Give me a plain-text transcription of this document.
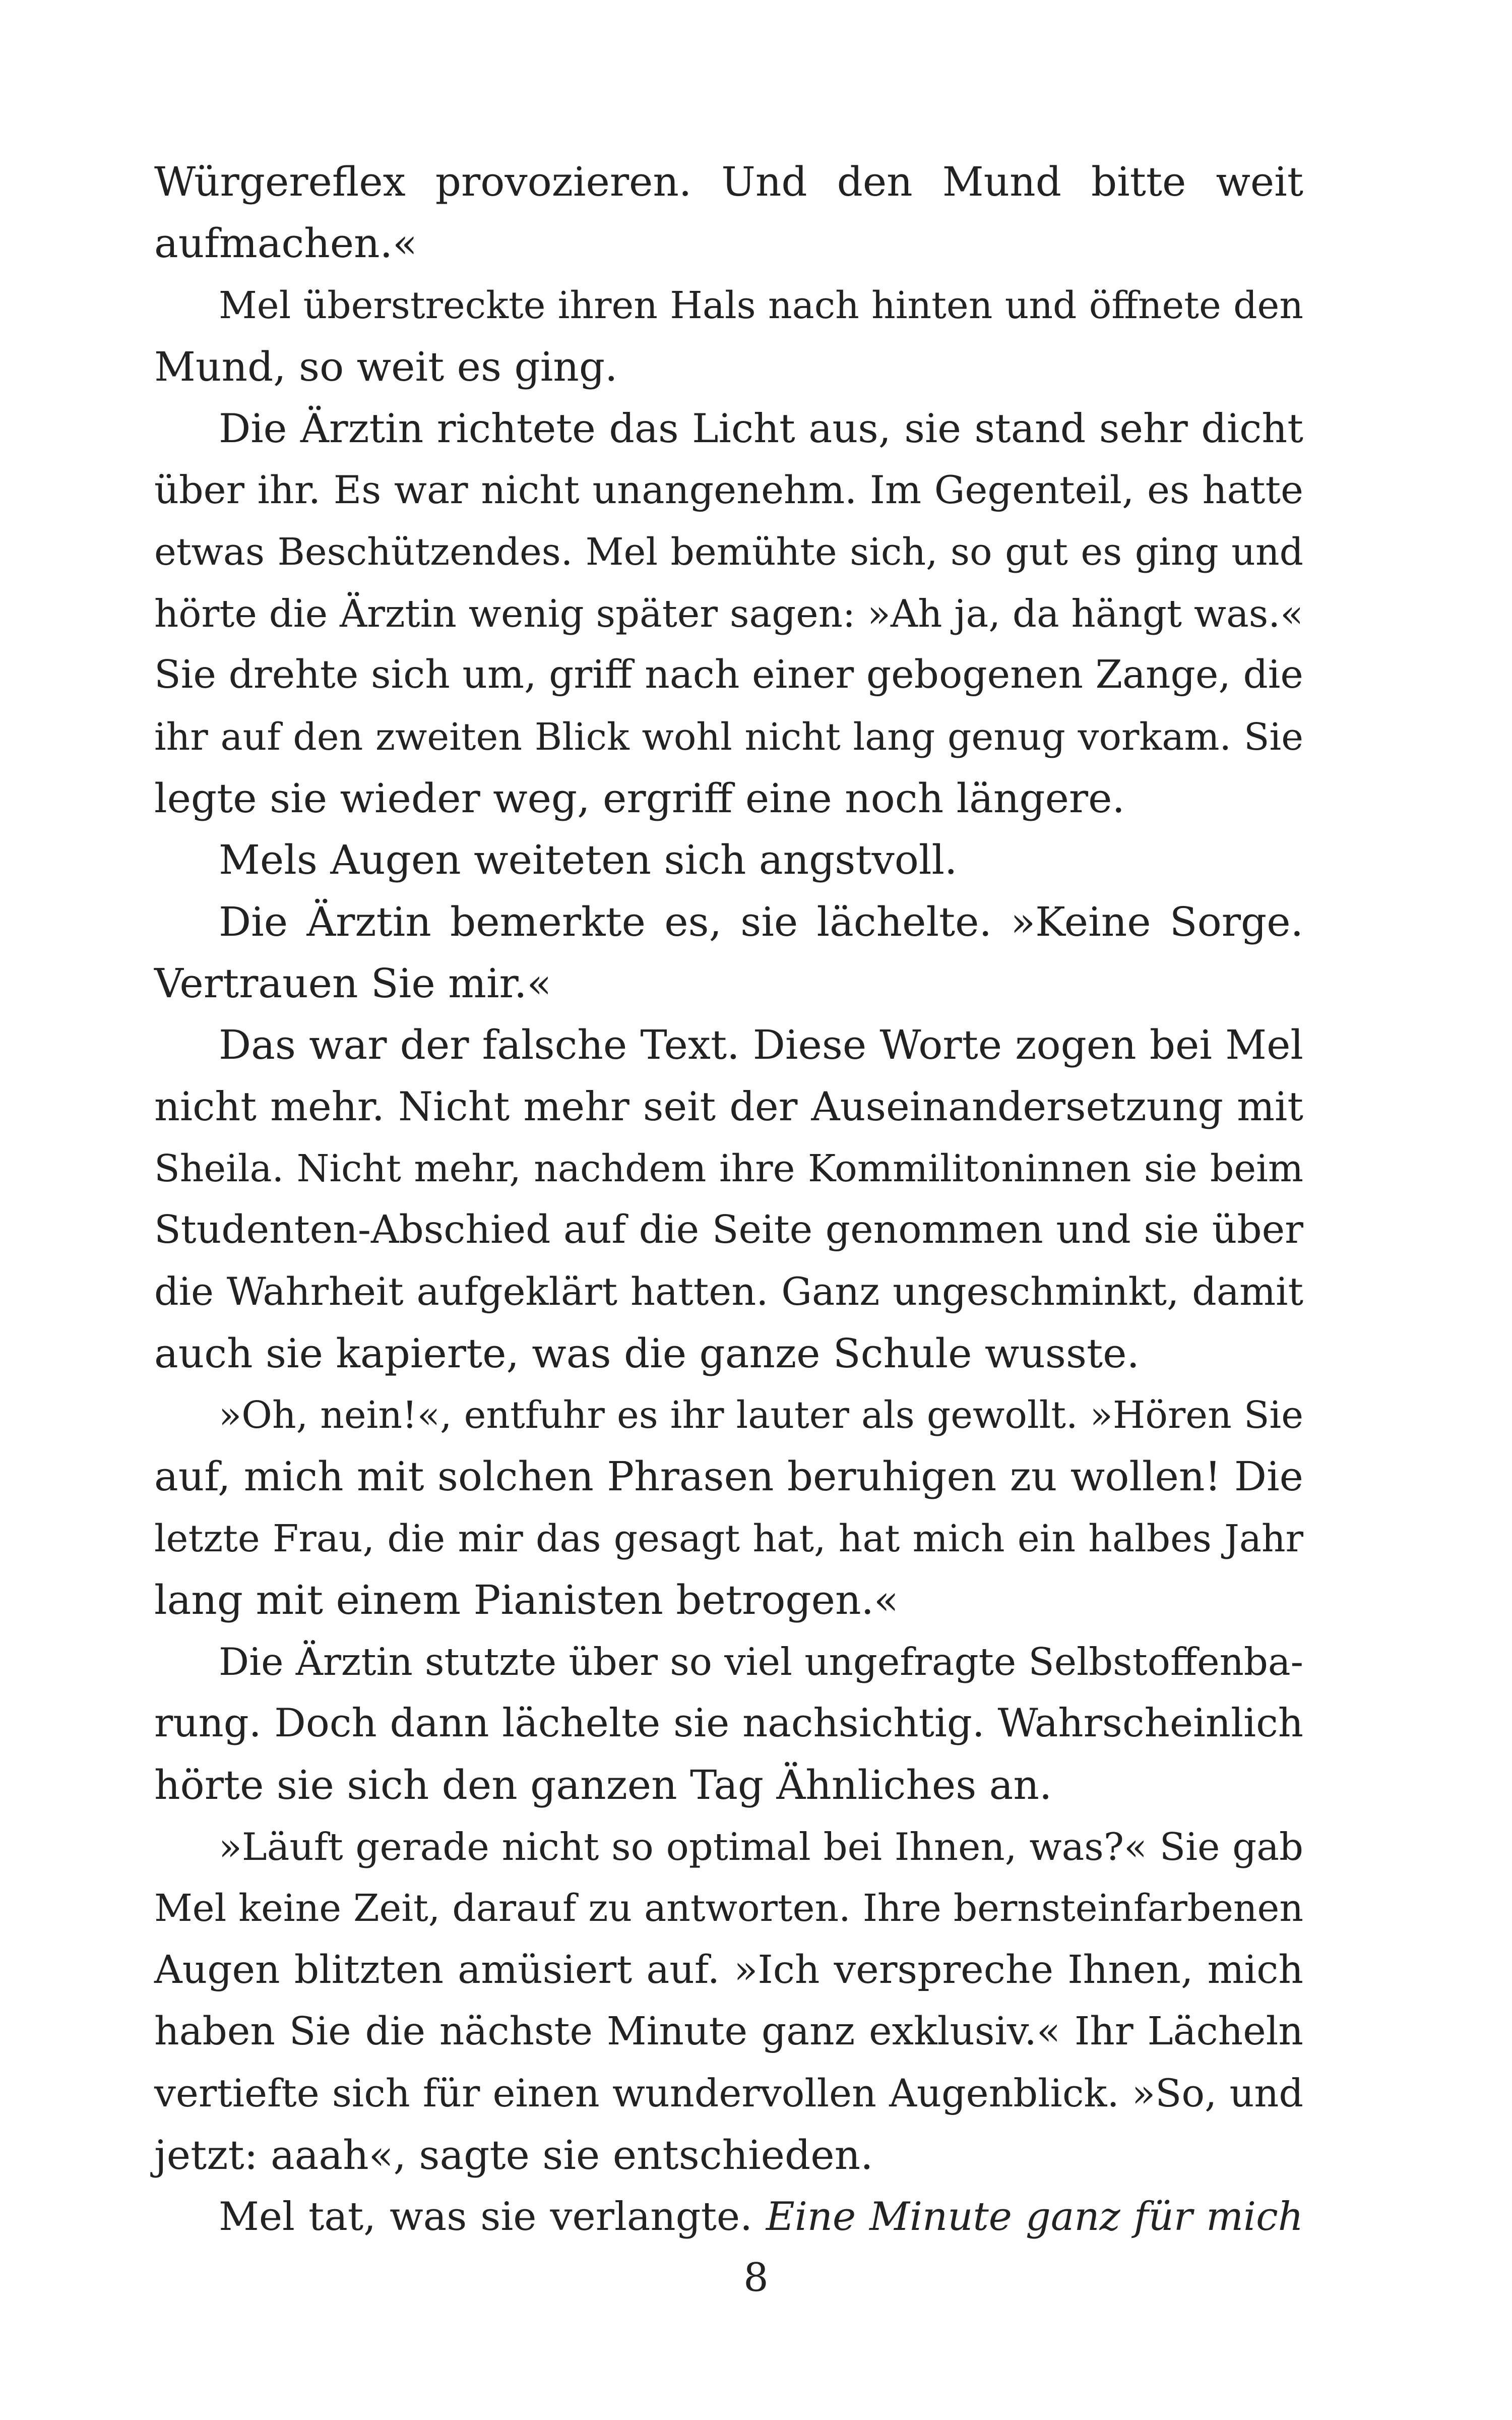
Würgereflex provozieren. Und den Mund bitte weit
aufmachen.«
Mel überstreckte ihren Hals nach hinten und öffnete den
Mund, so weit es ging.
Die Ärztin richtete das Licht aus, sie stand sehr dicht
über ihr. Es war nicht unangenehm. Im Gegenteil, es hatte
etwas Beschützendes. Mel bemühte sich, so gut es ging und
hörte die Ärztin wenig später sagen: »Ah ja, da hängt was.«
Sie drehte sich um, griff nach einer gebogenen Zange, die
ihr auf den zweiten Blick wohl nicht lang genug vorkam. Sie
legte sie wieder weg, ergriff eine noch längere.
Mels Augen weiteten sich angstvoll.
Die Ärztin bemerkte es, sie lächelte. »Keine Sorge.
Vertrauen Sie mir.«
Das war der falsche Text. Diese Worte zogen bei Mel
nicht mehr. Nicht mehr seit der Auseinandersetzung mit
Sheila. Nicht mehr, nachdem ihre Kommilitoninnen sie beim
Studenten-Abschied auf die Seite genommen und sie über
die Wahrheit aufgeklärt hatten. Ganz ungeschminkt, damit
auch sie kapierte, was die ganze Schule wusste.
»Oh, nein!«, entfuhr es ihr lauter als gewollt. »Hören Sie
auf, mich mit solchen Phrasen beruhigen zu wollen! Die
letzte Frau, die mir das gesagt hat, hat mich ein halbes Jahr
lang mit einem Pianisten betrogen.«
Die Ärztin stutzte über so viel ungefragte Selbstoffenba-
rung. Doch dann lächelte sie nachsichtig. Wahrscheinlich
hörte sie sich den ganzen Tag Ähnliches an.
»Läuft gerade nicht so optimal bei Ihnen, was?« Sie gab
Mel keine Zeit, darauf zu antworten. Ihre bernsteinfarbenen
Augen blitzten amüsiert auf. »Ich verspreche Ihnen, mich
haben Sie die nächste Minute ganz exklusiv.« Ihr Lächeln
vertiefte sich für einen wundervollen Augenblick. »So, und
jetzt: aaah«, sagte sie entschieden.
Mel tat, was sie verlangte. Eine Minute ganz für mich
8
